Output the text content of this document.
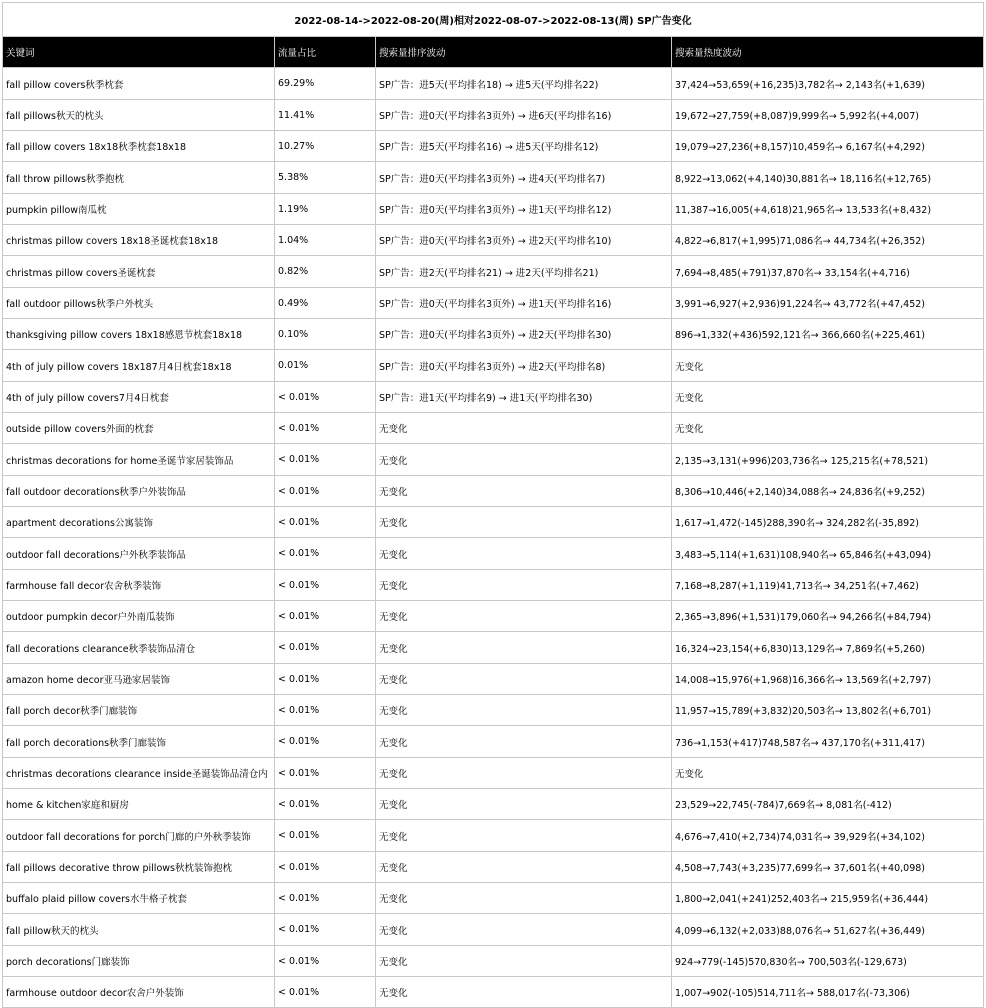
2022-08-14->2022-08-20(周)相对2022-08-07->2022-08-13(周) SP广告变化			
关键词	流量占比	搜索量排序波动	搜索量热度波动
fall pillow covers秋季枕套	69.29%	SP广告：进5天(平均排名18) → 进5天(平均排名22)	37,424→53,659(+16,235)3,782名→ 2,143名(+1,639)
fall pillows秋天的枕头	11.41%	SP广告：进0天(平均排名3页外) → 进6天(平均排名16)	19,672→27,759(+8,087)9,999名→ 5,992名(+4,007)
fall pillow covers 18x18秋季枕套18x18	10.27%	SP广告：进5天(平均排名16) → 进5天(平均排名12)	19,079→27,236(+8,157)10,459名→ 6,167名(+4,292)
fall throw pillows秋季抱枕	5.38%	SP广告：进0天(平均排名3页外) → 进4天(平均排名7)	8,922→13,062(+4,140)30,881名→ 18,116名(+12,765)
pumpkin pillow南瓜枕	1.19%	SP广告：进0天(平均排名3页外) → 进1天(平均排名12)	11,387→16,005(+4,618)21,965名→ 13,533名(+8,432)
christmas pillow covers 18x18圣诞枕套18x18	1.04%	SP广告：进0天(平均排名3页外) → 进2天(平均排名10)	4,822→6,817(+1,995)71,086名→ 44,734名(+26,352)
christmas pillow covers圣诞枕套	0.82%	SP广告：进2天(平均排名21) → 进2天(平均排名21)	7,694→8,485(+791)37,870名→ 33,154名(+4,716)
fall outdoor pillows秋季户外枕头	0.49%	SP广告：进0天(平均排名3页外) → 进1天(平均排名16)	3,991→6,927(+2,936)91,224名→ 43,772名(+47,452)
thanksgiving pillow covers 18x18感恩节枕套18x18	0.10%	SP广告：进0天(平均排名3页外) → 进2天(平均排名30)	896→1,332(+436)592,121名→ 366,660名(+225,461)
4th of july pillow covers 18x187月4日枕套18x18	0.01%	SP广告：进0天(平均排名3页外) → 进2天(平均排名8)	无变化
4th of july pillow covers7月4日枕套	< 0.01%	SP广告：进1天(平均排名9) → 进1天(平均排名30)	无变化
outside pillow covers外面的枕套	< 0.01%	无变化	无变化
christmas decorations for home圣诞节家居装饰品	< 0.01%	无变化	2,135→3,131(+996)203,736名→ 125,215名(+78,521)
fall outdoor decorations秋季户外装饰品	< 0.01%	无变化	8,306→10,446(+2,140)34,088名→ 24,836名(+9,252)
apartment decorations公寓装饰	< 0.01%	无变化	1,617→1,472(-145)288,390名→ 324,282名(-35,892)
outdoor fall decorations户外秋季装饰品	< 0.01%	无变化	3,483→5,114(+1,631)108,940名→ 65,846名(+43,094)
farmhouse fall decor农舍秋季装饰	< 0.01%	无变化	7,168→8,287(+1,119)41,713名→ 34,251名(+7,462)
outdoor pumpkin decor户外南瓜装饰	< 0.01%	无变化	2,365→3,896(+1,531)179,060名→ 94,266名(+84,794)
fall decorations clearance秋季装饰品清仓	< 0.01%	无变化	16,324→23,154(+6,830)13,129名→ 7,869名(+5,260)
amazon home decor亚马逊家居装饰	< 0.01%	无变化	14,008→15,976(+1,968)16,366名→ 13,569名(+2,797)
fall porch decor秋季门廊装饰	< 0.01%	无变化	11,957→15,789(+3,832)20,503名→ 13,802名(+6,701)
fall porch decorations秋季门廊装饰	< 0.01%	无变化	736→1,153(+417)748,587名→ 437,170名(+311,417)
christmas decorations clearance inside圣诞装饰品清仓内	< 0.01%	无变化	无变化
home & kitchen家庭和厨房	< 0.01%	无变化	23,529→22,745(-784)7,669名→ 8,081名(-412)
outdoor fall decorations for porch门廊的户外秋季装饰	< 0.01%	无变化	4,676→7,410(+2,734)74,031名→ 39,929名(+34,102)
fall pillows decorative throw pillows秋枕装饰抱枕	< 0.01%	无变化	4,508→7,743(+3,235)77,699名→ 37,601名(+40,098)
buffalo plaid pillow covers水牛格子枕套	< 0.01%	无变化	1,800→2,041(+241)252,403名→ 215,959名(+36,444)
fall pillow秋天的枕头	< 0.01%	无变化	4,099→6,132(+2,033)88,076名→ 51,627名(+36,449)
porch decorations门廊装饰	< 0.01%	无变化	924→779(-145)570,830名→ 700,503名(-129,673)
farmhouse outdoor decor农舍户外装饰	< 0.01%	无变化	1,007→902(-105)514,711名→ 588,017名(-73,306)
